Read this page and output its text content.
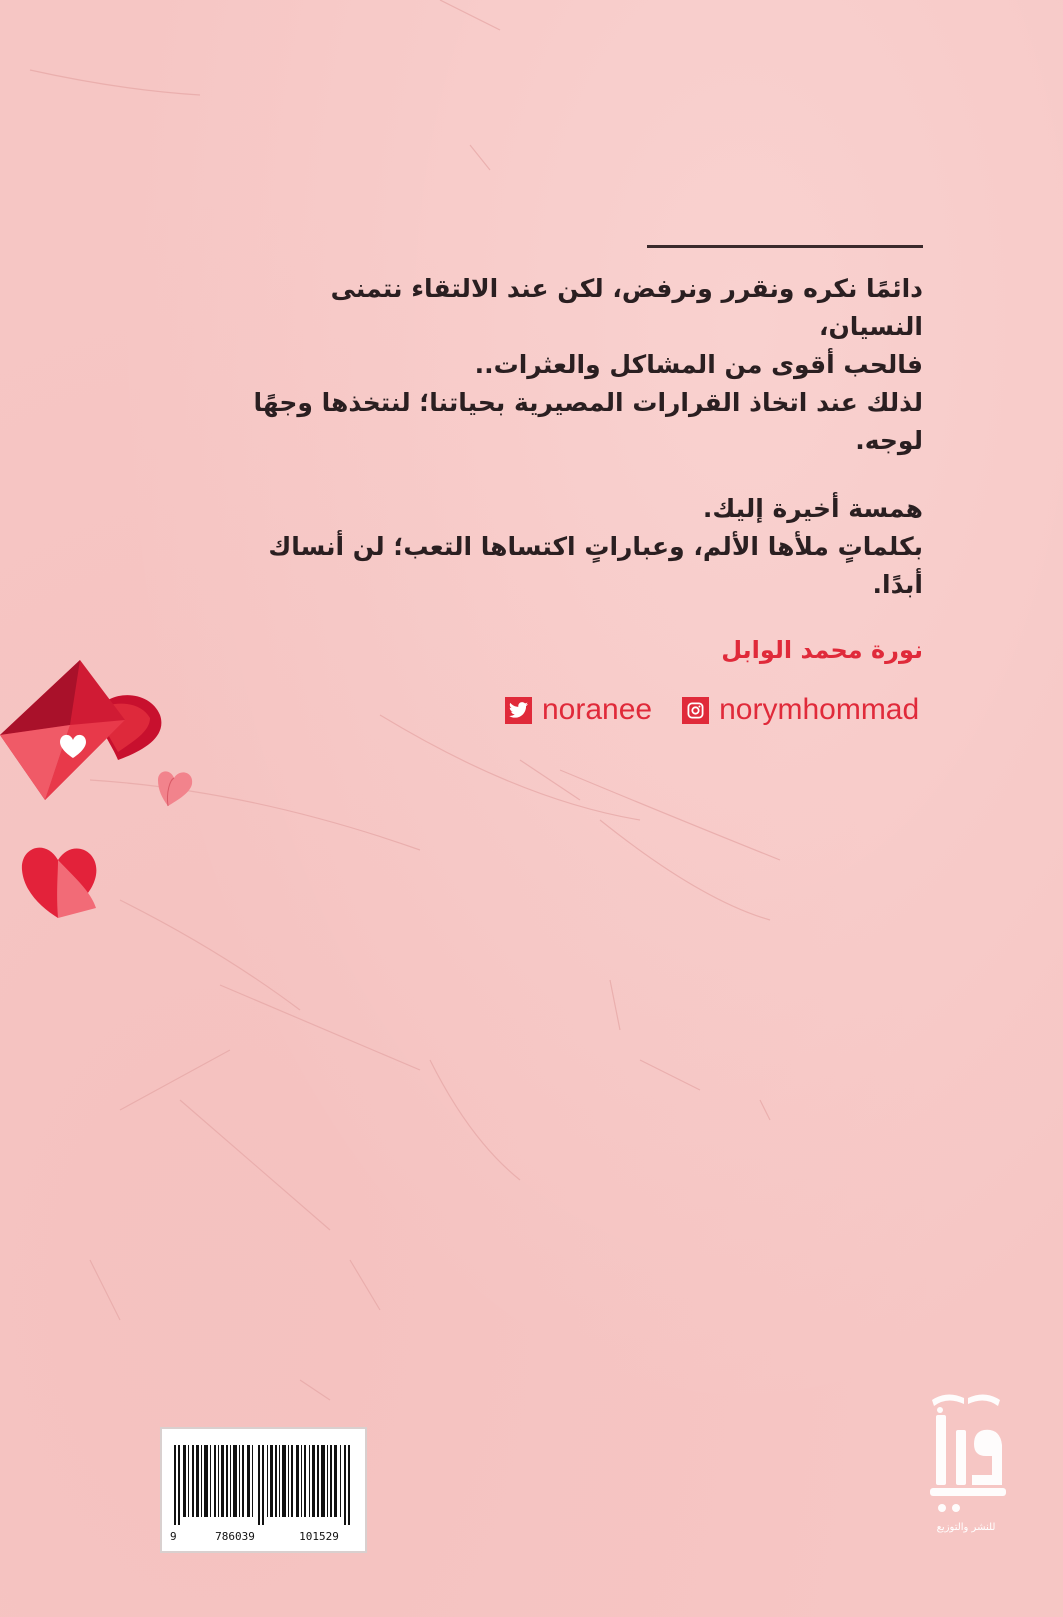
دائمًا نكره ونقرر ونرفض، لكن عند الالتقاء نتمنى النسيان،

فالحب أقوى من المشاكل والعثرات..

لذلك عند اتخاذ القرارات المصيرية بحياتنا؛ لنتخذها وجهًا لوجه.

همسة أخيرة إليك.

بكلماتٍ ملأها الألم، وعباراتٍ اكتساها التعب؛ لن أنساك أبدًا.

نورة محمد الوابل
noranee norymhommad
9	786039	101529
للنشر والتوزيع
